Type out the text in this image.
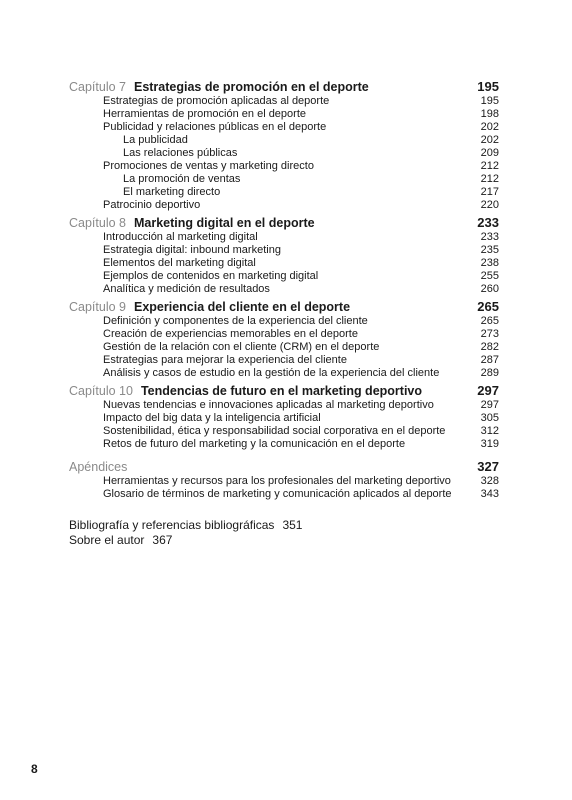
Capítulo 7 Estrategias de promoción en el deporte	195
Estrategias de promoción aplicadas al deporte	195
Herramientas de promoción en el deporte	198
Publicidad y relaciones públicas en el deporte	202
La publicidad	202
Las relaciones públicas	209
Promociones de ventas y marketing directo	212
La promoción de ventas	212
El marketing directo	217
Patrocinio deportivo	220
Capítulo 8 Marketing digital en el deporte	233
Introducción al marketing digital	233
Estrategia digital: inbound marketing	235
Elementos del marketing digital	238
Ejemplos de contenidos en marketing digital	255
Analítica y medición de resultados	260
Capítulo 9 Experiencia del cliente en el deporte	265
Definición y componentes de la experiencia del cliente	265
Creación de experiencias memorables en el deporte	273
Gestión de la relación con el cliente (CRM) en el deporte	282
Estrategias para mejorar la experiencia del cliente	287
Análisis y casos de estudio en la gestión de la experiencia del cliente	289
Capítulo 10 Tendencias de futuro en el marketing deportivo	297
Nuevas tendencias e innovaciones aplicadas al marketing deportivo	297
Impacto del big data y la inteligencia artificial	305
Sostenibilidad, ética y responsabilidad social corporativa en el deporte	312
Retos de futuro del marketing y la comunicación en el deporte	319
Apéndices	327
Herramientas y recursos para los profesionales del marketing deportivo	328
Glosario de términos de marketing y comunicación aplicados al deporte	343
Bibliografía y referencias bibliográficas 351
Sobre el autor 367
8
